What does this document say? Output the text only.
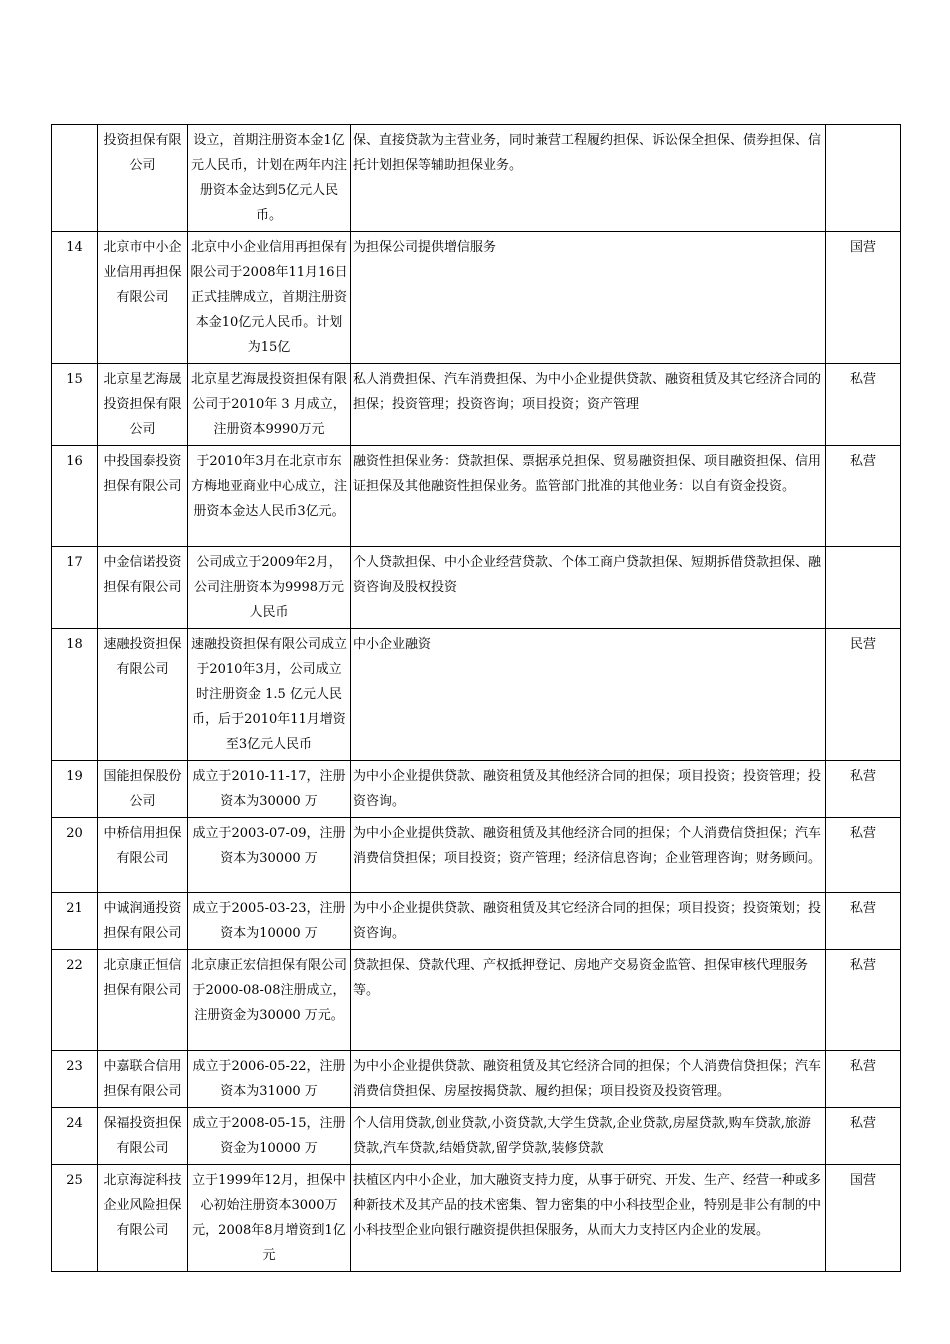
	投资担保有限公司	设立，首期注册资本金1亿元人民币，计划在两年内注册资本金达到5亿元人民币。	保、直接贷款为主营业务，同时兼营工程履约担保、诉讼保全担保、债券担保、信托计划担保等辅助担保业务。	
14	北京市中小企业信用再担保有限公司	北京中小企业信用再担保有限公司于2008年11月16日正式挂牌成立，首期注册资本金10亿元人民币。计划为15亿	为担保公司提供增信服务	国营
15	北京星艺海晟投资担保有限公司	北京星艺海晟投资担保有限公司于2010年 3 月成立，注册资本9990万元	私人消费担保、汽车消费担保、为中小企业提供贷款、融资租赁及其它经济合同的担保；投资管理；投资咨询；项目投资；资产管理	私营
16	中投国泰投资担保有限公司	于2010年3月在北京市东方梅地亚商业中心成立，注册资本金达人民币3亿元。	融资性担保业务：贷款担保、票据承兑担保、贸易融资担保、项目融资担保、信用证担保及其他融资性担保业务。监管部门批准的其他业务：以自有资金投资。	私营
17	中金信诺投资担保有限公司	公司成立于2009年2月，公司注册资本为9998万元人民币	个人贷款担保、中小企业经营贷款、个体工商户贷款担保、短期拆借贷款担保、融资咨询及股权投资	
18	速融投资担保有限公司	速融投资担保有限公司成立于2010年3月，公司成立时注册资金 1.5 亿元人民币，后于2010年11月增资至3亿元人民币	中小企业融资	民营
19	国能担保股份公司	成立于2010-11-17，注册资本为30000 万	为中小企业提供贷款、融资租赁及其他经济合同的担保；项目投资；投资管理；投资咨询。	私营
20	中桥信用担保有限公司	成立于2003-07-09，注册资本为30000 万	为中小企业提供贷款、融资租赁及其他经济合同的担保；个人消费信贷担保；汽车消费信贷担保；项目投资；资产管理；经济信息咨询；企业管理咨询；财务顾问。	私营
21	中诚润通投资担保有限公司	成立于2005-03-23，注册资本为10000 万	为中小企业提供贷款、融资租赁及其它经济合同的担保；项目投资；投资策划；投资咨询。	私营
22	北京康正恒信担保有限公司	北京康正宏信担保有限公司于2000-08-08注册成立，注册资金为30000 万元。	贷款担保、贷款代理、产权抵押登记、房地产交易资金监管、担保审核代理服务等。	私营
23	中嘉联合信用担保有限公司	成立于2006-05-22，注册资本为31000 万	为中小企业提供贷款、融资租赁及其它经济合同的担保；个人消费信贷担保；汽车消费信贷担保、房屋按揭贷款、履约担保；项目投资及投资管理。	私营
24	保福投资担保有限公司	成立于2008-05-15，注册资金为10000 万	个人信用贷款,创业贷款,小资贷款,大学生贷款,企业贷款,房屋贷款,购车贷款,旅游贷款,汽车贷款,结婚贷款,留学贷款,装修贷款	私营
25	北京海淀科技企业风险担保有限公司	立于1999年12月，担保中心初始注册资本3000万元，2008年8月增资到1亿元	扶植区内中小企业，加大融资支持力度，从事于研究、开发、生产、经营一种或多种新技术及其产品的技术密集、智力密集的中小科技型企业，特别是非公有制的中小科技型企业向银行融资提供担保服务，从而大力支持区内企业的发展。	国营
